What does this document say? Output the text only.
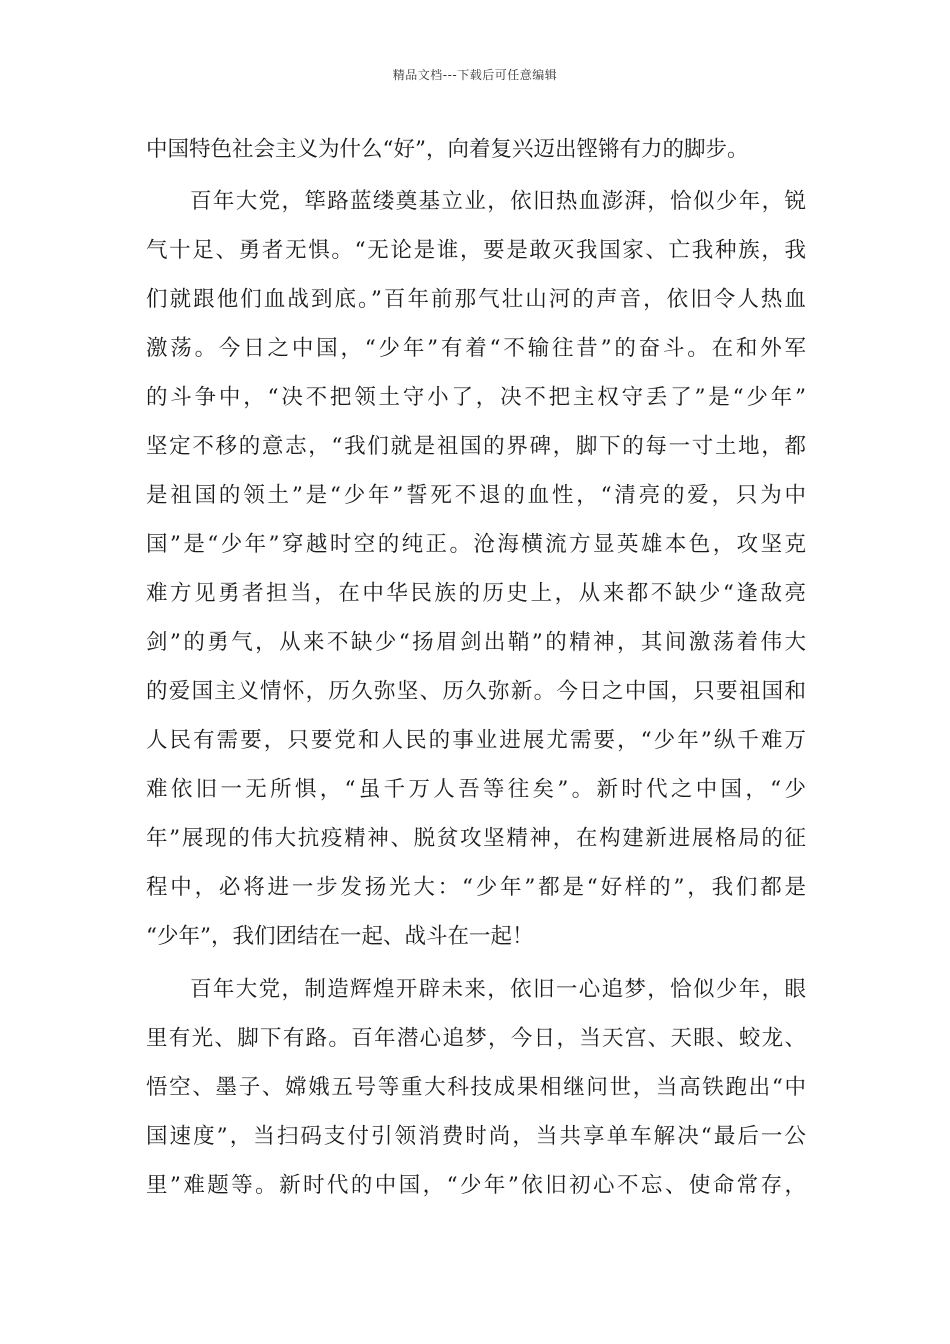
精品文档---下载后可任意编辑
中国特色社会主义为什么“好”，向着复兴迈出铿锵有力的脚步。
百年大党，筚路蓝缕奠基立业，依旧热血澎湃，恰似少年，锐
气十足、勇者无惧。“无论是谁，要是敢灭我国家、亡我种族，我
们就跟他们血战到底。”百年前那气壮山河的声音，依旧令人热血
激荡。今日之中国，“少年”有着“不输往昔”的奋斗。在和外军
的斗争中，“决不把领土守小了，决不把主权守丢了”是“少年”
坚定不移的意志，“我们就是祖国的界碑，脚下的每一寸土地，都
是祖国的领土”是“少年”誓死不退的血性，“清亮的爱，只为中
国”是“少年”穿越时空的纯正。沧海横流方显英雄本色，攻坚克
难方见勇者担当，在中华民族的历史上，从来都不缺少“逢敌亮
剑”的勇气，从来不缺少“扬眉剑出鞘”的精神，其间激荡着伟大
的爱国主义情怀，历久弥坚、历久弥新。今日之中国，只要祖国和
人民有需要，只要党和人民的事业进展尤需要，“少年”纵千难万
难依旧一无所惧，“虽千万人吾等往矣”。新时代之中国，“少
年”展现的伟大抗疫精神、脱贫攻坚精神，在构建新进展格局的征
程中，必将进一步发扬光大：“少年”都是“好样的”，我们都是
“少年”，我们团结在一起、战斗在一起！
百年大党，制造辉煌开辟未来，依旧一心追梦，恰似少年，眼
里有光、脚下有路。百年潜心追梦，今日，当天宫、天眼、蛟龙、
悟空、墨子、嫦娥五号等重大科技成果相继问世，当高铁跑出“中
国速度”，当扫码支付引领消费时尚，当共享单车解决“最后一公
里”难题等。新时代的中国，“少年”依旧初心不忘、使命常存，
